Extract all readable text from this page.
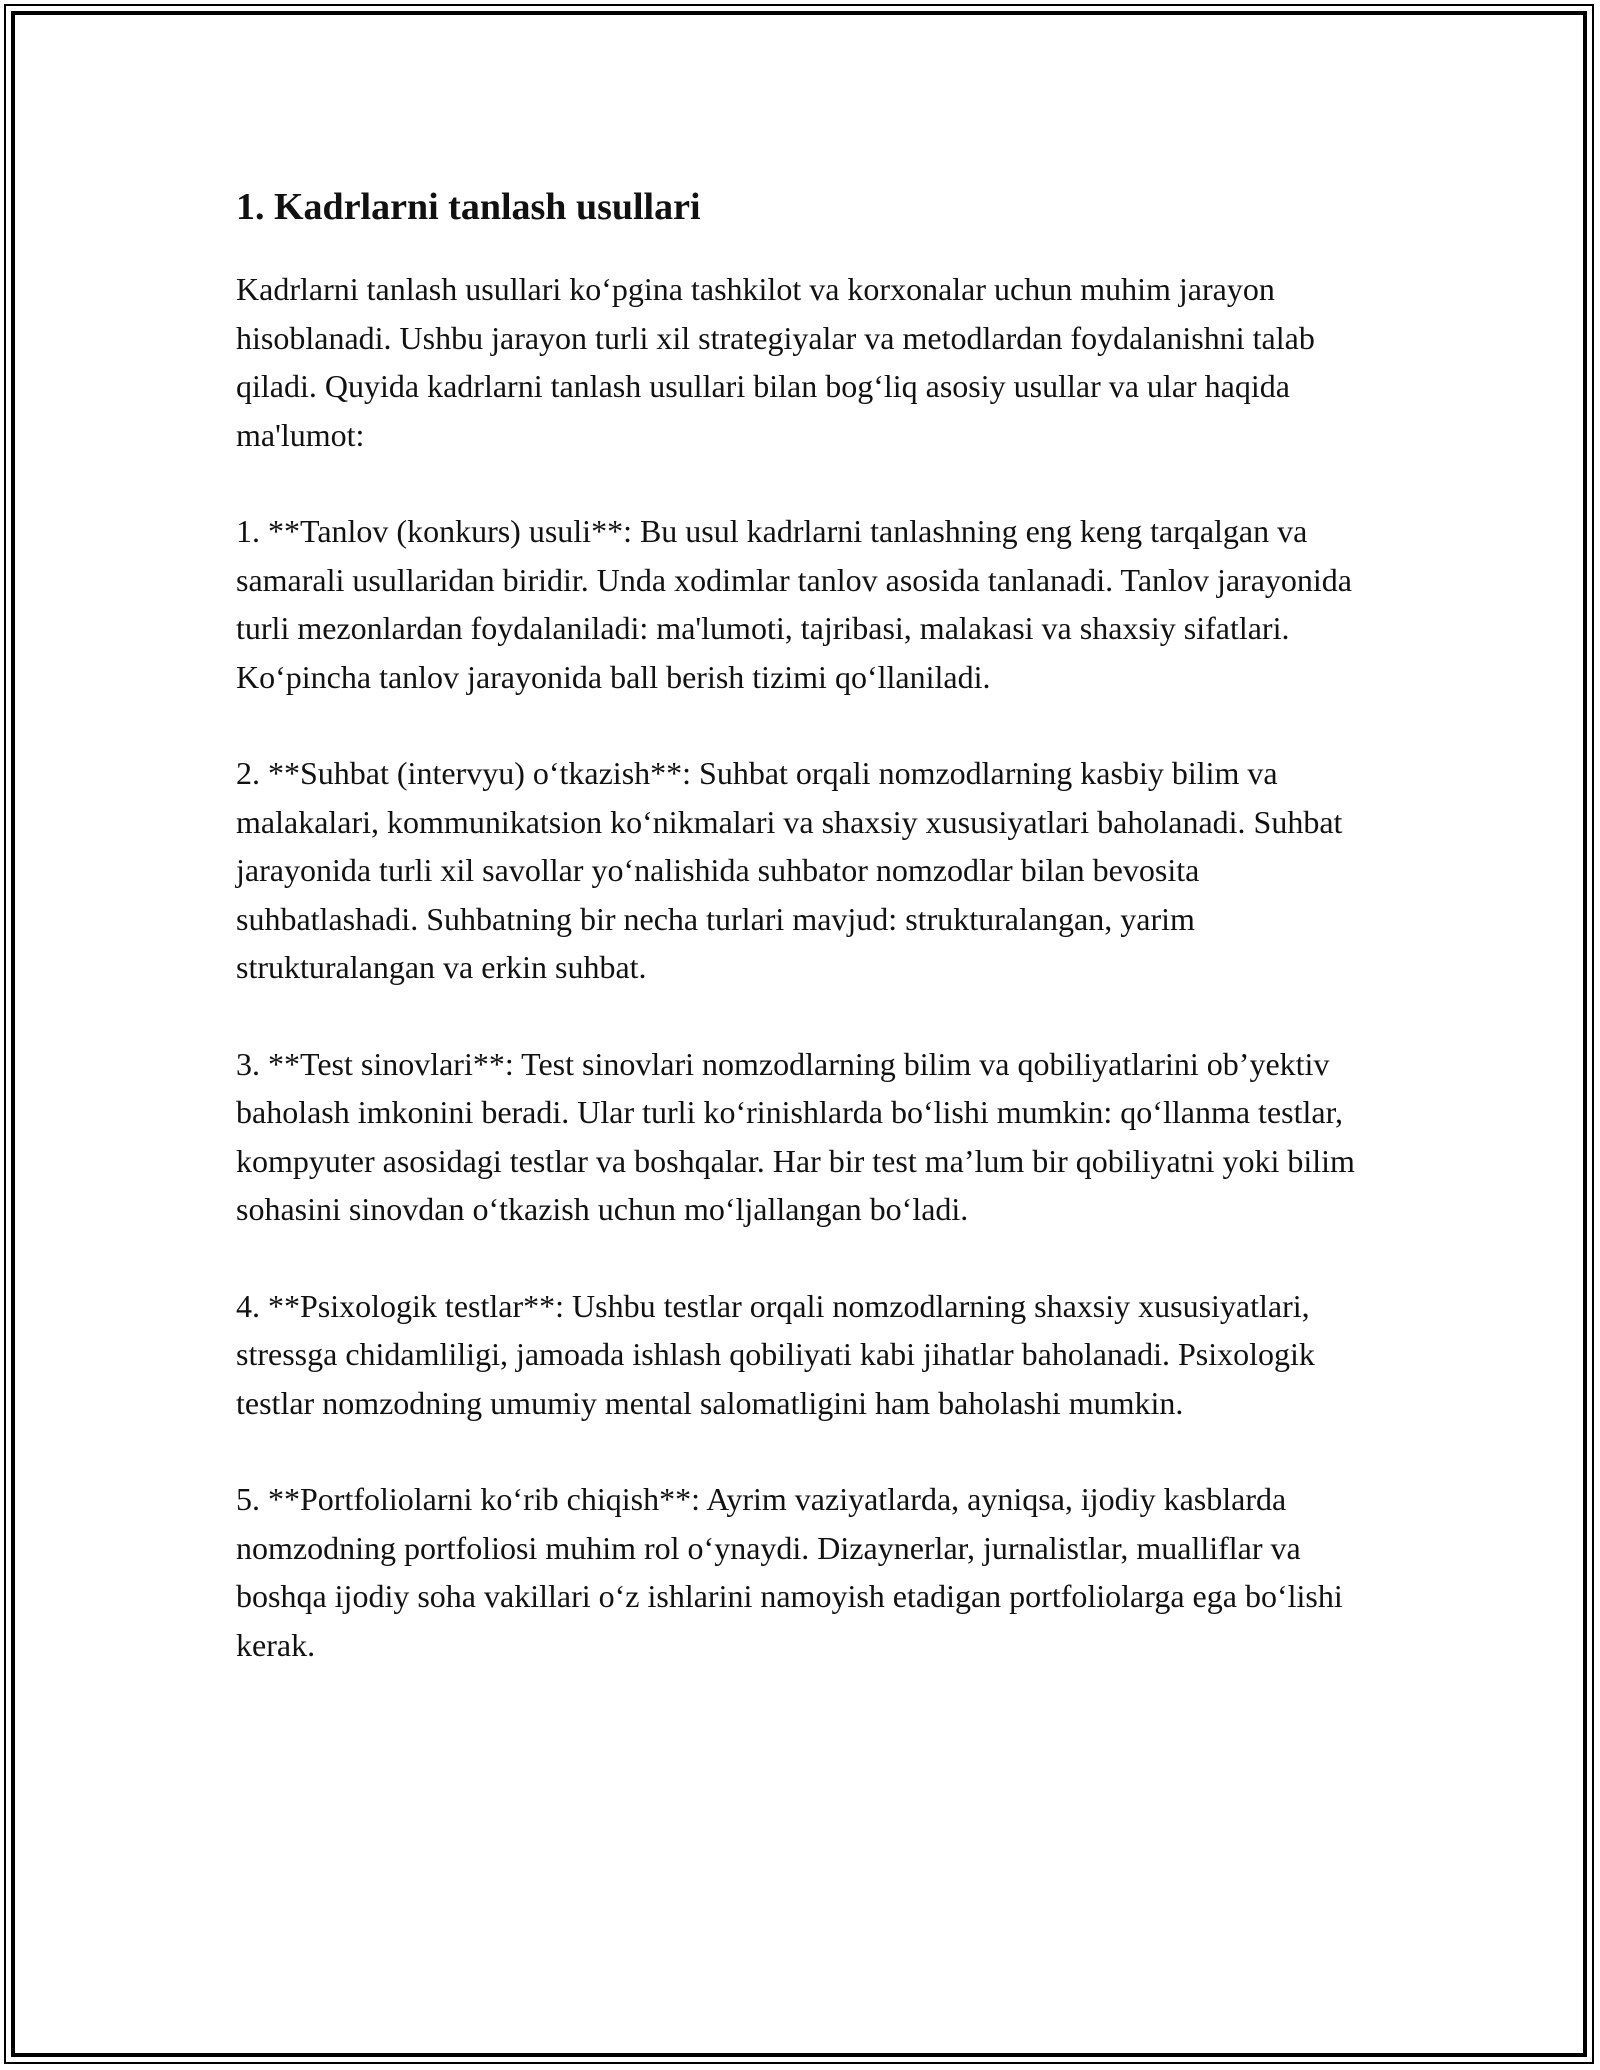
1. Kadrlarni tanlash usullari

Kadrlarni tanlash usullari ko‘pgina tashkilot va korxonalar uchun muhim jarayon hisoblanadi. Ushbu jarayon turli xil strategiyalar va metodlardan foydalanishni talab qiladi. Quyida kadrlarni tanlash usullari bilan bog‘liq asosiy usullar va ular haqida ma'lumot:

1. **Tanlov (konkurs) usuli**: Bu usul kadrlarni tanlashning eng keng tarqalgan va samarali usullaridan biridir. Unda xodimlar tanlov asosida tanlanadi. Tanlov jarayonida turli mezonlardan foydalaniladi: ma'lumoti, tajribasi, malakasi va shaxsiy sifatlari. Ko‘pincha tanlov jarayonida ball berish tizimi qo‘llaniladi.

2. **Suhbat (intervyu) o‘tkazish**: Suhbat orqali nomzodlarning kasbiy bilim va malakalari, kommunikatsion ko‘nikmalari va shaxsiy xususiyatlari baholanadi. Suhbat jarayonida turli xil savollar yo‘nalishida suhbator nomzodlar bilan bevosita suhbatlashadi. Suhbatning bir necha turlari mavjud: strukturalangan, yarim strukturalangan va erkin suhbat.

3. **Test sinovlari**: Test sinovlari nomzodlarning bilim va qobiliyatlarini ob’yektiv baholash imkonini beradi. Ular turli ko‘rinishlarda bo‘lishi mumkin: qo‘llanma testlar, kompyuter asosidagi testlar va boshqalar. Har bir test ma’lum bir qobiliyatni yoki bilim sohasini sinovdan o‘tkazish uchun mo‘ljallangan bo‘ladi.

4. **Psixologik testlar**: Ushbu testlar orqali nomzodlarning shaxsiy xususiyatlari, stressga chidamliligi, jamoada ishlash qobiliyati kabi jihatlar baholanadi. Psixologik testlar nomzodning umumiy mental salomatligini ham baholashi mumkin.

5. **Portfoliolarni ko‘rib chiqish**: Ayrim vaziyatlarda, ayniqsa, ijodiy kasblarda nomzodning portfoliosi muhim rol o‘ynaydi. Dizaynerlar, jurnalistlar, mualliflar va boshqa ijodiy soha vakillari o‘z ishlarini namoyish etadigan portfoliolarga ega bo‘lishi kerak.
